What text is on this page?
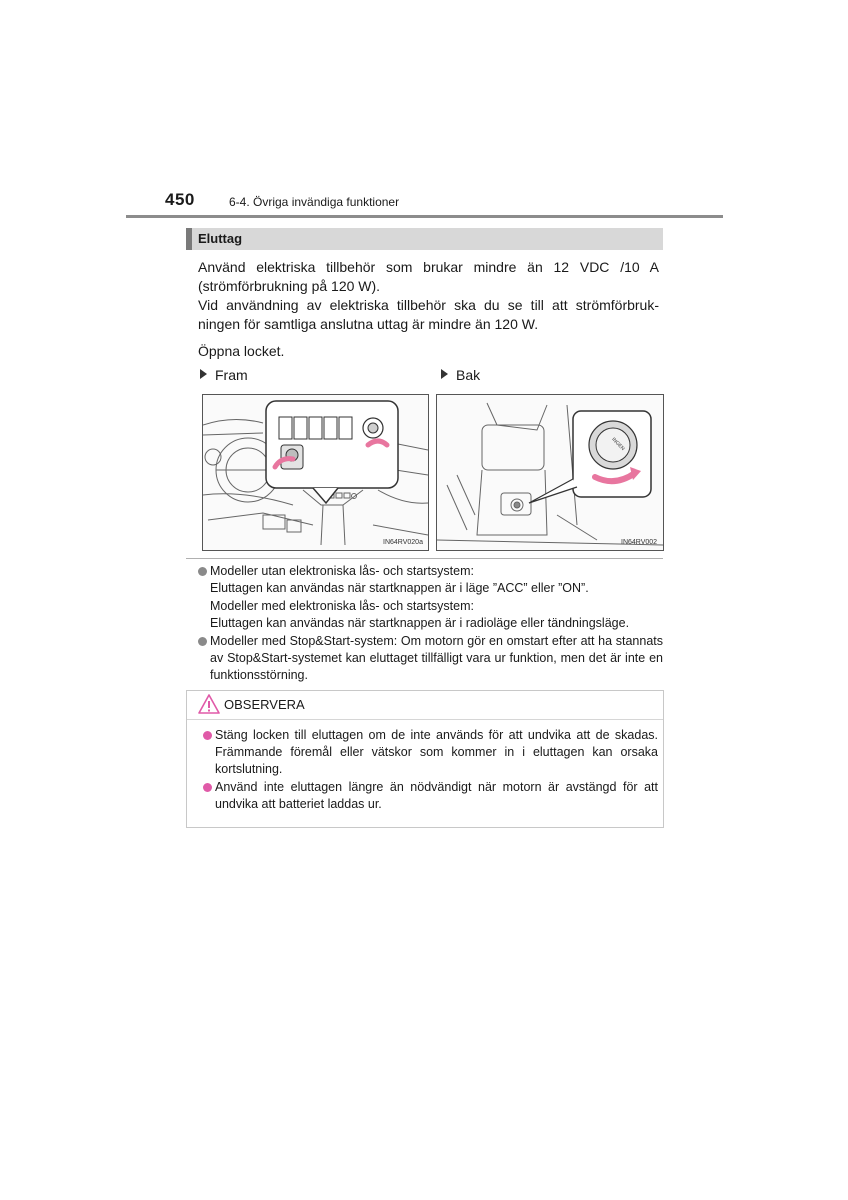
450	6-4. Övriga invändiga funktioner
Eluttag
Använd elektriska tillbehör som brukar mindre än 12 VDC /10 A
(strömförbrukning på 120 W).
Vid användning av elektriska tillbehör ska du se till att strömförbruk-
ningen för samtliga anslutna uttag är mindre än 120 W.
Öppna locket.
Fram	Bak
IN64RV020a
INGEN
IN64RV002
Modeller utan elektroniska lås- och startsystem:
Eluttagen kan användas när startknappen är i läge ”ACC” eller ”ON”.
Modeller med elektroniska lås- och startsystem:
Eluttagen kan användas när startknappen är i radioläge eller tändningsläge.
Modeller med Stop&Start-system: Om motorn gör en omstart efter att ha stannats av Stop&Start-systemet kan eluttaget tillfälligt vara ur funktion, men det är inte en funktionsstörning.
OBSERVERA
Stäng locken till eluttagen om de inte används för att undvika att de skadas. Främmande föremål eller vätskor som kommer in i eluttagen kan orsaka kortslutning.
Använd inte eluttagen längre än nödvändigt när motorn är avstängd för att undvika att batteriet laddas ur.
